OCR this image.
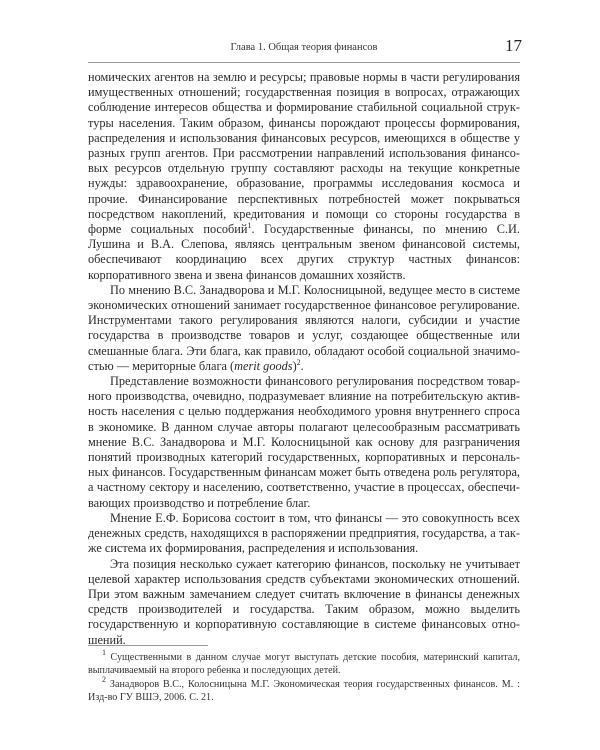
Глава 1. Общая теория финансов	17

номических агентов на землю и ресурсы; правовые нормы в части регулирования имущественных отношений; государственная позиция в вопросах, отражающих соблюдение интересов общества и формирование стабильной социальной структуры населения. Таким образом, финансы порождают процессы формирования, распределения и использования финансовых ресурсов, имеющихся в обществе у разных групп агентов. При рассмотрении направлений использования финансовых ресурсов отдельную группу составляют расходы на текущие конкретные нужды: здравоохранение, образование, программы исследования космоса и прочие. Финансирование перспективных потребностей может покрываться посредством накоплений, кредитования и помощи со стороны государства в форме социальных пособий$^1$. Государственные финансы, по мнению С.И. Лушина и В.А. Слепова, являясь центральным звеном финансовой системы, обеспечивают координацию всех других структур частных финансов: корпоративного звена и звена финансов домашних хозяйств.

По мнению В.С. Занадворова и М.Г. Колосницыной, ведущее место в системе экономических отношений занимает государственное финансовое регулирование. Инструментами такого регулирования являются налоги, субсидии и участие государства в производстве товаров и услуг, создающее общественные или смешанные блага. Эти блага, как правило, обладают особой социальной значимостью — мериторные блага (merit goods)$^2$.

Представление возможности финансового регулирования посредством товарного производства, очевидно, подразумевает влияние на потребительскую активность населения с целью поддержания необходимого уровня внутреннего спроса в экономике. В данном случае авторы полагают целесообразным рассматривать мнение В.С. Занадворова и М.Г. Колосницыной как основу для разграничения понятий производных категорий государственных, корпоративных и персональных финансов. Государственным финансам может быть отведена роль регулятора, а частному сектору и населению, соответственно, участие в процессах, обеспечивающих производство и потребление благ.

Мнение Е.Ф. Борисова состоит в том, что финансы — это совокупность всех денежных средств, находящихся в распоряжении предприятия, государства, а также система их формирования, распределения и использования.

Эта позиция несколько сужает категорию финансов, поскольку не учитывает целевой характер использования средств субъектами экономических отношений. При этом важным замечанием следует считать включение в финансы денежных средств производителей и государства. Таким образом, можно выделить государственную и корпоративную составляющие в системе финансовых отношений.

$^1$ Существенными в данном случае могут выступать детские пособия, материнский капитал, выплачиваемый на второго ребенка и последующих детей.

$^2$ Занадворов В.С., Колосницына М.Г. Экономическая теория государственных финансов. М. : Изд-во ГУ ВШЭ, 2006. С. 21.
